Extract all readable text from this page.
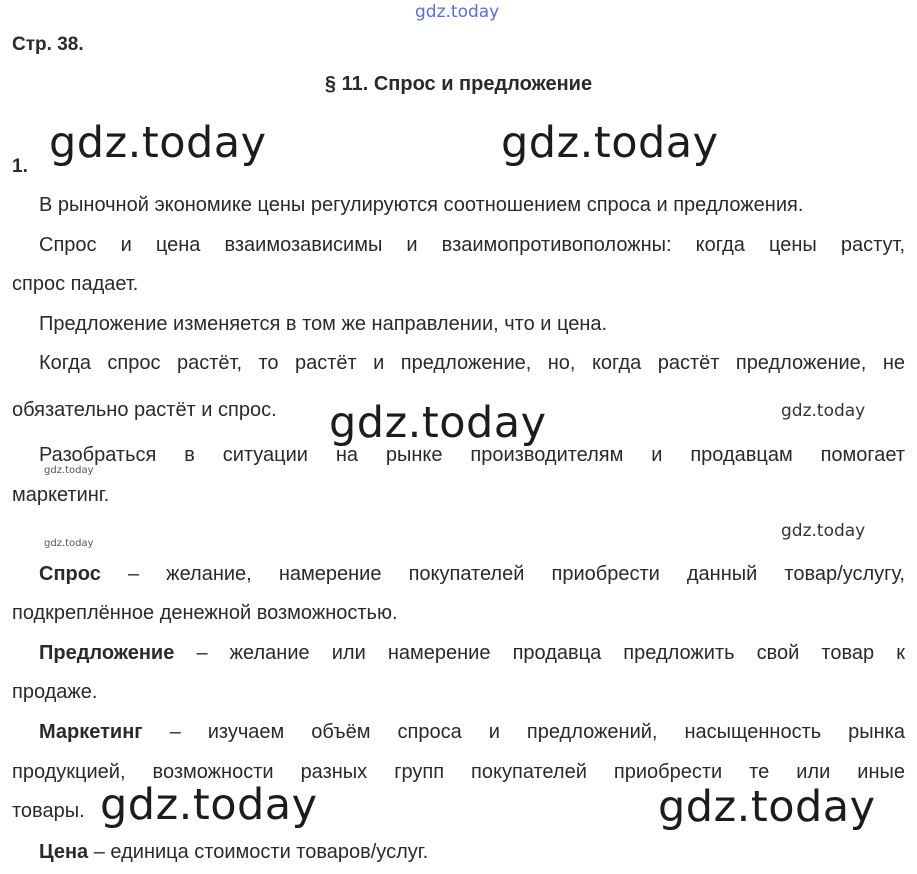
gdz.today
Стр. 38.
§ 11. Спрос и предложение
gdz.today	gdz.today
1.
В рыночной экономике цены регулируются соотношением спроса и предложения.
Спрос и цена взаимозависимы и взаимопротивоположны: когда цены растут,
спрос падает.
Предложение изменяется в том же направлении, что и цена.
Когда спрос растёт, то растёт и предложение, но, когда растёт предложение, не
обязательно растёт и спрос. gdz.today	gdz.today
Разобраться в ситуации на рынке производителям и продавцам помогает
gdz.today
маркетинг.
gdz.today
gdz.today
Спрос – желание, намерение покупателей приобрести данный товар/услугу,
подкреплённое денежной возможностью.
Предложение – желание или намерение продавца предложить свой товар к
продаже.
Маркетинг – изучаем объём спроса и предложений, насыщенность рынка
продукцией, возможности разных групп покупателей приобрести те или иные
товары. gdz.today	gdz.today
Цена – единица стоимости товаров/услуг.
